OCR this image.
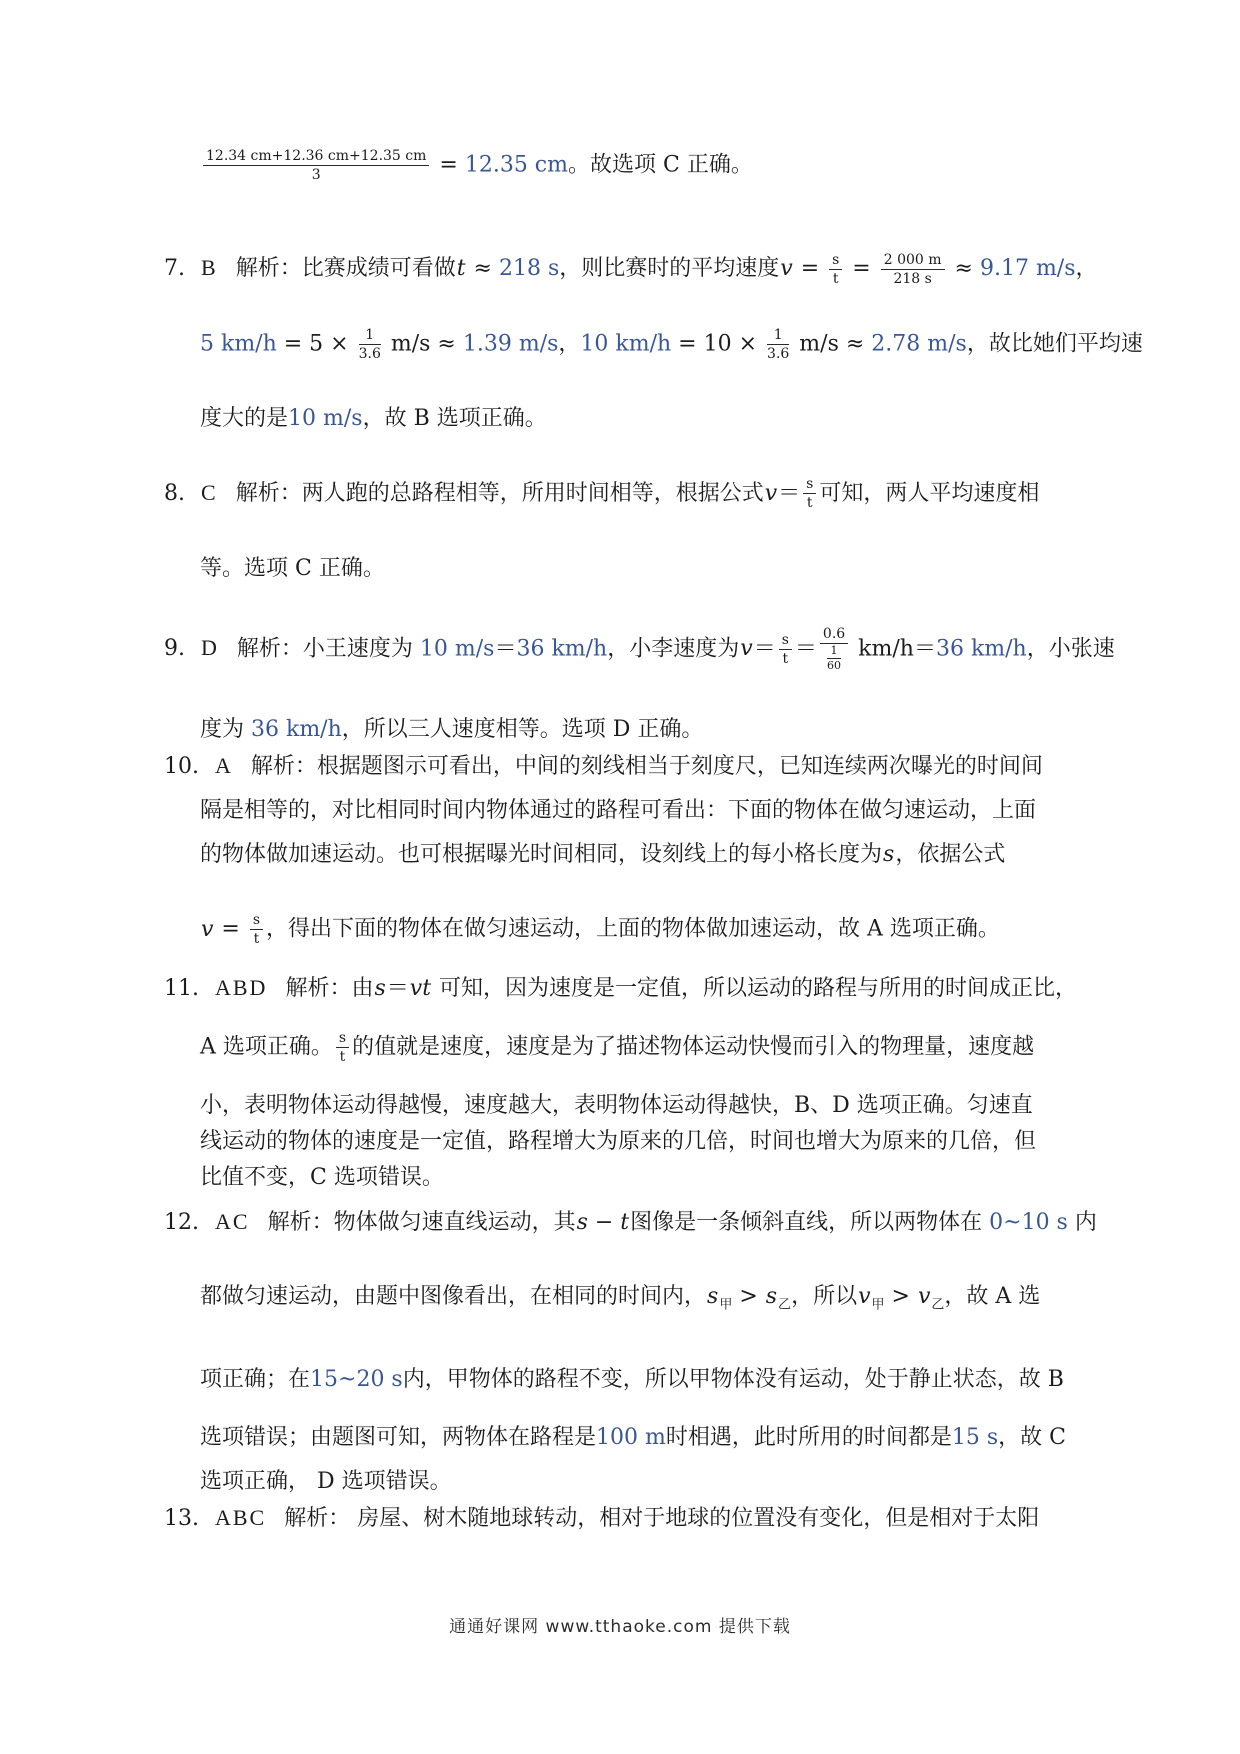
$\frac{12.34 cm+12.36 cm+12.35 cm}{3} = 12.35$ cm。故选项 C 正确。
7. B 解析：比赛成绩可看做t ≈ 218 s，则比赛时的平均速度$v = \frac{s}{t} = \frac{2 000 m}{218 s} \approx 9.17$ m/s，
5 $km/h = 5 \times \frac{1}{3.6} m/s \approx 1.39$ m/s，10 $km/h = 10 \times \frac{1}{3.6} m/s \approx 2.78$ m/s，故比她们平均速
度大的是10 m/s，故 B 选项正确。
8. C 解析：两人跑的总路程相等，所用时间相等，根据公式$v= \frac{s}{t}$ 可知，两人平均速度相
等。选项 C 正确。
9. D 解析：小王速度为 10 m/s＝36 km/h，小李速度为$v= \frac{s}{t} = \frac{0.6}{\frac{1}{60}} km/h=36$ km/h，小张速
度为 36 km/h，所以三人速度相等。选项 D 正确。
10. A 解析：根据题图示可看出，中间的刻线相当于刻度尺，已知连续两次曝光的时间间
隔是相等的，对比相同时间内物体通过的路程可看出：下面的物体在做匀速运动，上面
的物体做加速运动。也可根据曝光时间相同，设刻线上的每小格长度为s，依据公式
$v = \frac{s}{t}$ ，得出下面的物体在做匀速运动，上面的物体做加速运动，故 A 选项正确。
11. ABD 解析：由s＝vt 可知，因为速度是一定值，所以运动的路程与所用的时间成正比，
A 选项正确。 $\frac{s}{t}$ 的值就是速度，速度是为了描述物体运动快慢而引入的物理量，速度越
小，表明物体运动得越慢，速度越大，表明物体运动得越快，B、D 选项正确。匀速直
线运动的物体的速度是一定值，路程增大为原来的几倍，时间也增大为原来的几倍，但
比值不变，C 选项错误。
12. AC 解析：物体做匀速直线运动，其s − t图像是一条倾斜直线，所以两物体在 0~10 s 内
都做匀速运动，由题中图像看出，在相同的时间内，$s_甲 > s_乙$，所以$v_甲 > v_乙$，故 A 选
项正确；在15~20 s内，甲物体的路程不变，所以甲物体没有运动，处于静止状态，故 B
选项错误；由题图可知，两物体在路程是100 m时相遇，此时所用的时间都是15 s，故 C
选项正确， D 选项错误。
13. ABC 解析： 房屋、树木随地球转动，相对于地球的位置没有变化，但是相对于太阳
通通好课网 www.tthaoke.com 提供下载
